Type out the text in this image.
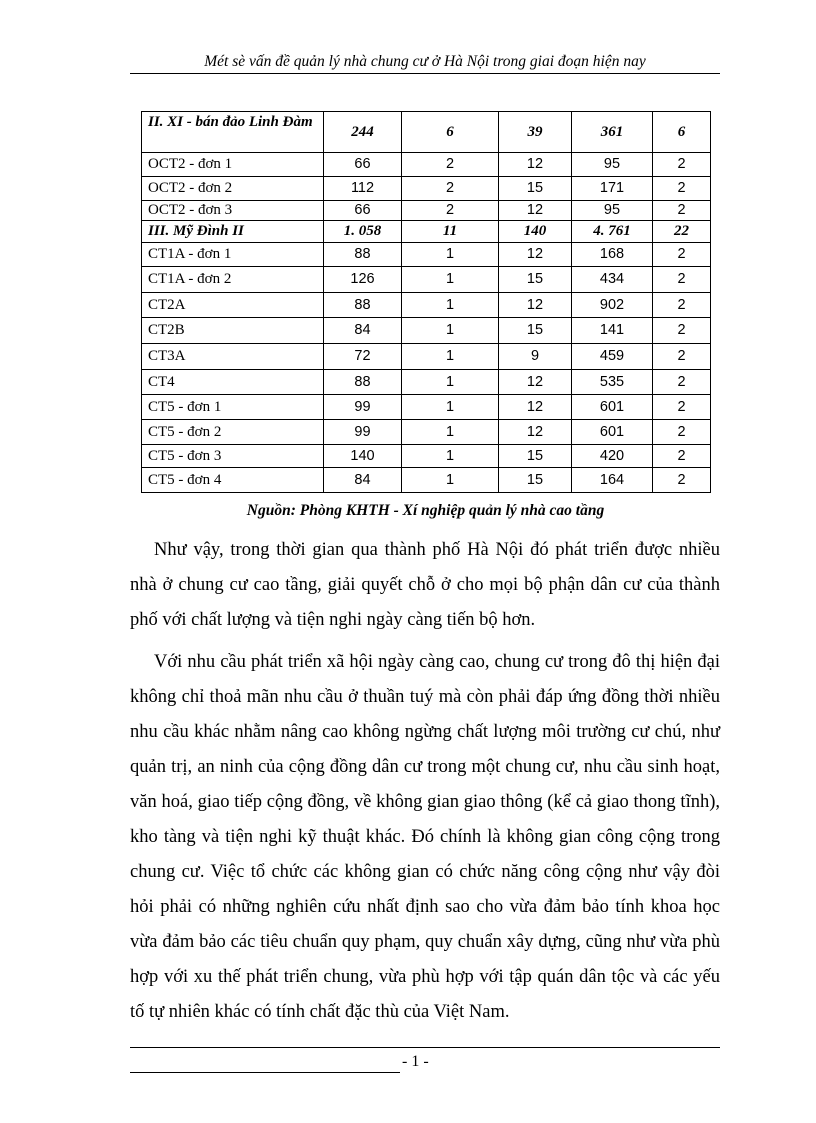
Mét sè vấn đề quản lý nhà chung cư ở Hà Nội trong giai đoạn hiện nay
II. XI - bán đảo Linh Đàm	244	6	39	361	6
OCT2 - đơn 1	66	2	12	95	2
OCT2 - đơn 2	112	2	15	171	2
OCT2 - đơn 3	66	2	12	95	2
III. Mỹ Đình II	1. 058	11	140	4. 761	22
CT1A - đơn 1	88	1	12	168	2
CT1A - đơn 2	126	1	15	434	2
CT2A	88	1	12	902	2
CT2B	84	1	15	141	2
CT3A	72	1	9	459	2
CT4	88	1	12	535	2
CT5 - đơn 1	99	1	12	601	2
CT5 - đơn 2	99	1	12	601	2
CT5 - đơn 3	140	1	15	420	2
CT5 - đơn 4	84	1	15	164	2
Nguồn: Phòng KHTH - Xí nghiệp quản lý nhà cao tầng

Như vậy, trong thời gian qua thành phố Hà Nội đó phát triển được nhiều nhà ở chung cư cao tầng, giải quyết chỗ ở cho mọi bộ phận dân cư của thành phố với chất lượng và tiện nghi ngày càng tiến bộ hơn.

Với nhu cầu phát triển xã hội ngày càng cao, chung cư trong đô thị hiện đại không chỉ thoả mãn nhu cầu ở thuần tuý mà còn phải đáp ứng đồng thời nhiều nhu cầu khác nhằm nâng cao không ngừng chất lượng môi trường cư chú, như quản trị, an ninh của cộng đồng dân cư trong một chung cư, nhu cầu sinh hoạt, văn hoá, giao tiếp cộng đồng, về không gian giao thông (kể cả giao thong tĩnh), kho tàng và tiện nghi kỹ thuật khác. Đó chính là không gian công cộng trong chung cư. Việc tổ chức các không gian có chức năng công cộng như vậy đòi hỏi phải có những nghiên cứu nhất định sao cho vừa đảm bảo tính khoa học vừa đảm bảo các tiêu chuẩn quy phạm, quy chuẩn xây dựng, cũng như vừa phù hợp với xu thế phát triển chung, vừa phù hợp với tập quán dân tộc và các yếu tố tự nhiên khác có tính chất đặc thù của Việt Nam.

- 1 -
